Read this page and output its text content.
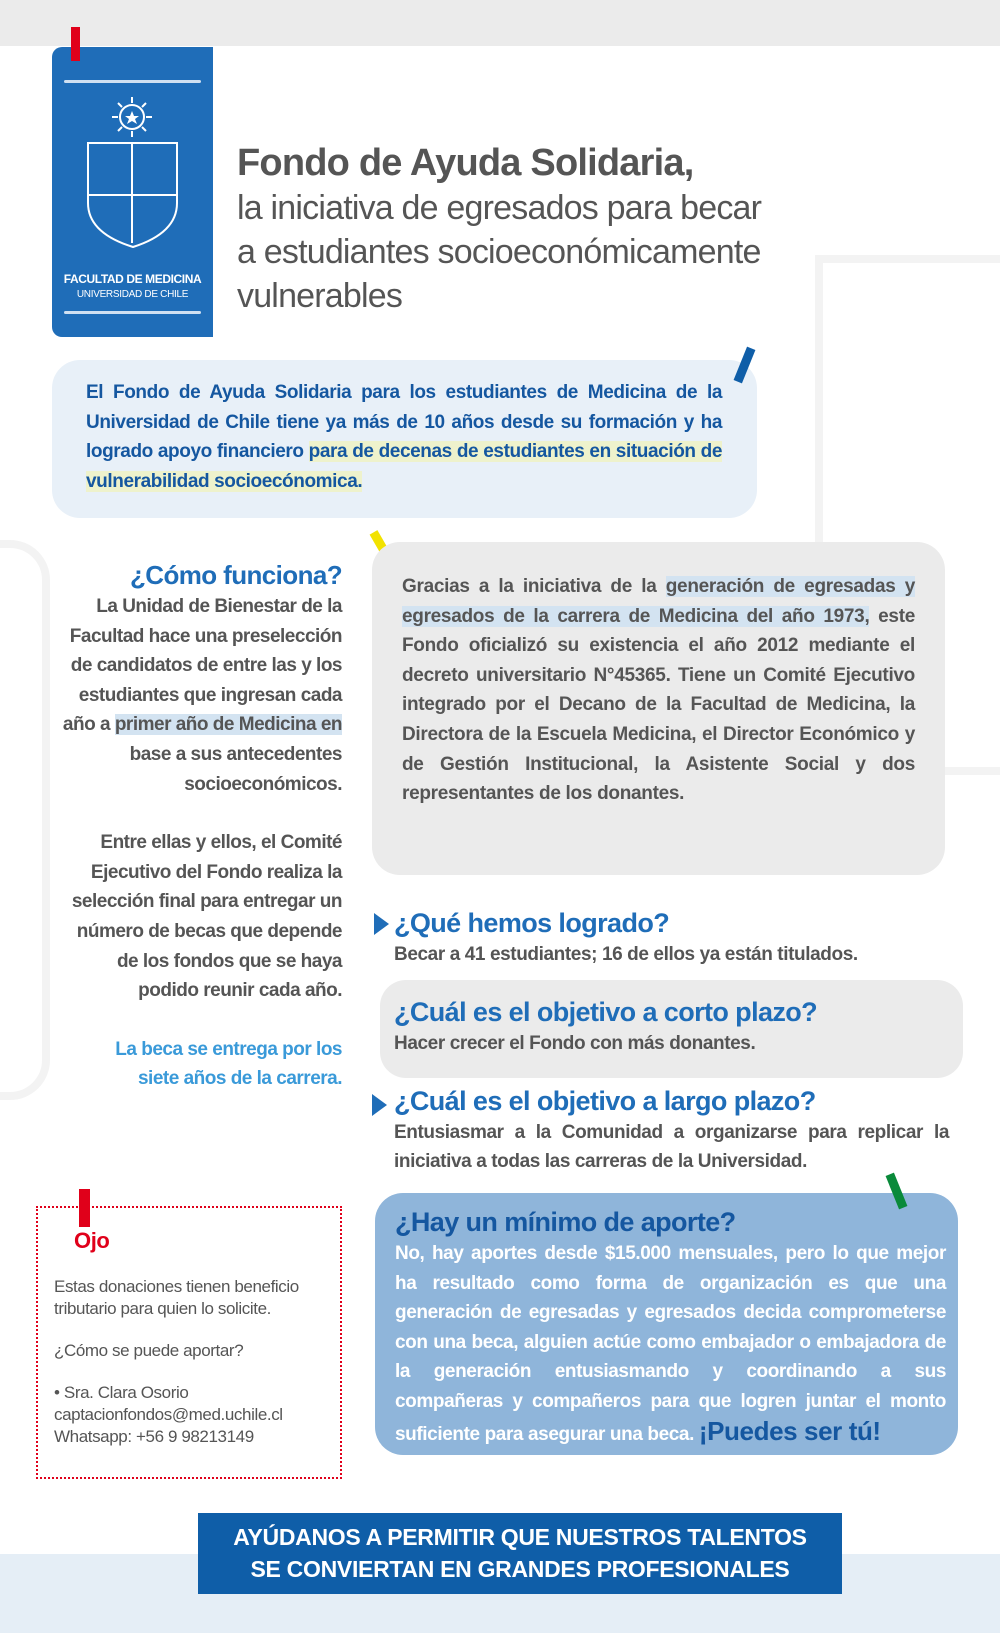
FACULTAD DE MEDICINA
UNIVERSIDAD DE CHILE
Fondo de Ayuda Solidaria,

la iniciativa de egresados para becar

a estudiantes socioeconómicamente

vulnerables

El Fondo de Ayuda Solidaria para los estudiantes de Medicina de la Universidad de Chile tiene ya más de 10 años desde su formación y ha logrado apoyo financiero para de decenas de estudiantes en situación de vulnerabilidad socioecónomica.
¿Cómo funciona?

La Unidad de Bienestar de la Facultad hace una preselección de candidatos de entre las y los estudiantes que ingresan cada año a primer año de Medicina en base a sus antecedentes socioeconómicos.

Entre ellas y ellos, el Comité Ejecutivo del Fondo realiza la selección final para entregar un número de becas que depende de los fondos que se haya podido reunir cada año.

La beca se entrega por los siete años de la carrera.

Gracias a la iniciativa de la generación de egresadas y egresados de la carrera de Medicina del año 1973, este Fondo oficializó su existencia el año 2012 mediante el decreto universitario N°45365. Tiene un Comité Ejecutivo integrado por el Decano de la Facultad de Medicina, la Directora de la Escuela Medicina, el Director Económico y de Gestión Institucional, la Asistente Social y dos representantes de los donantes.
¿Qué hemos logrado?

Becar a 41 estudiantes; 16 de ellos ya están titulados.

¿Cuál es el objetivo a corto plazo?

Hacer crecer el Fondo con más donantes.

¿Cuál es el objetivo a largo plazo?

Entusiasmar a la Comunidad a organizarse para replicar la iniciativa a todas las carreras de la Universidad.

Ojo

Estas donaciones tienen beneficio tributario para quien lo solicite.

¿Cómo se puede aportar?

• Sra. Clara Osorio

captacionfondos@med.uchile.cl

Whatsapp: +56 9 98213149

¿Hay un mínimo de aporte?

No, hay aportes desde $15.000 mensuales, pero lo que mejor ha resultado como forma de organización es que una generación de egresadas y egresados decida comprometerse con una beca, alguien actúe como embajador o embajadora de la generación entusiasmando y coordinando a sus compañeras y compañeros para que logren juntar el monto suficiente para asegurar una beca. ¡Puedes ser tú!

AYÚDANOS A PERMITIR QUE NUESTROS TALENTOS
SE CONVIERTAN EN GRANDES PROFESIONALES
